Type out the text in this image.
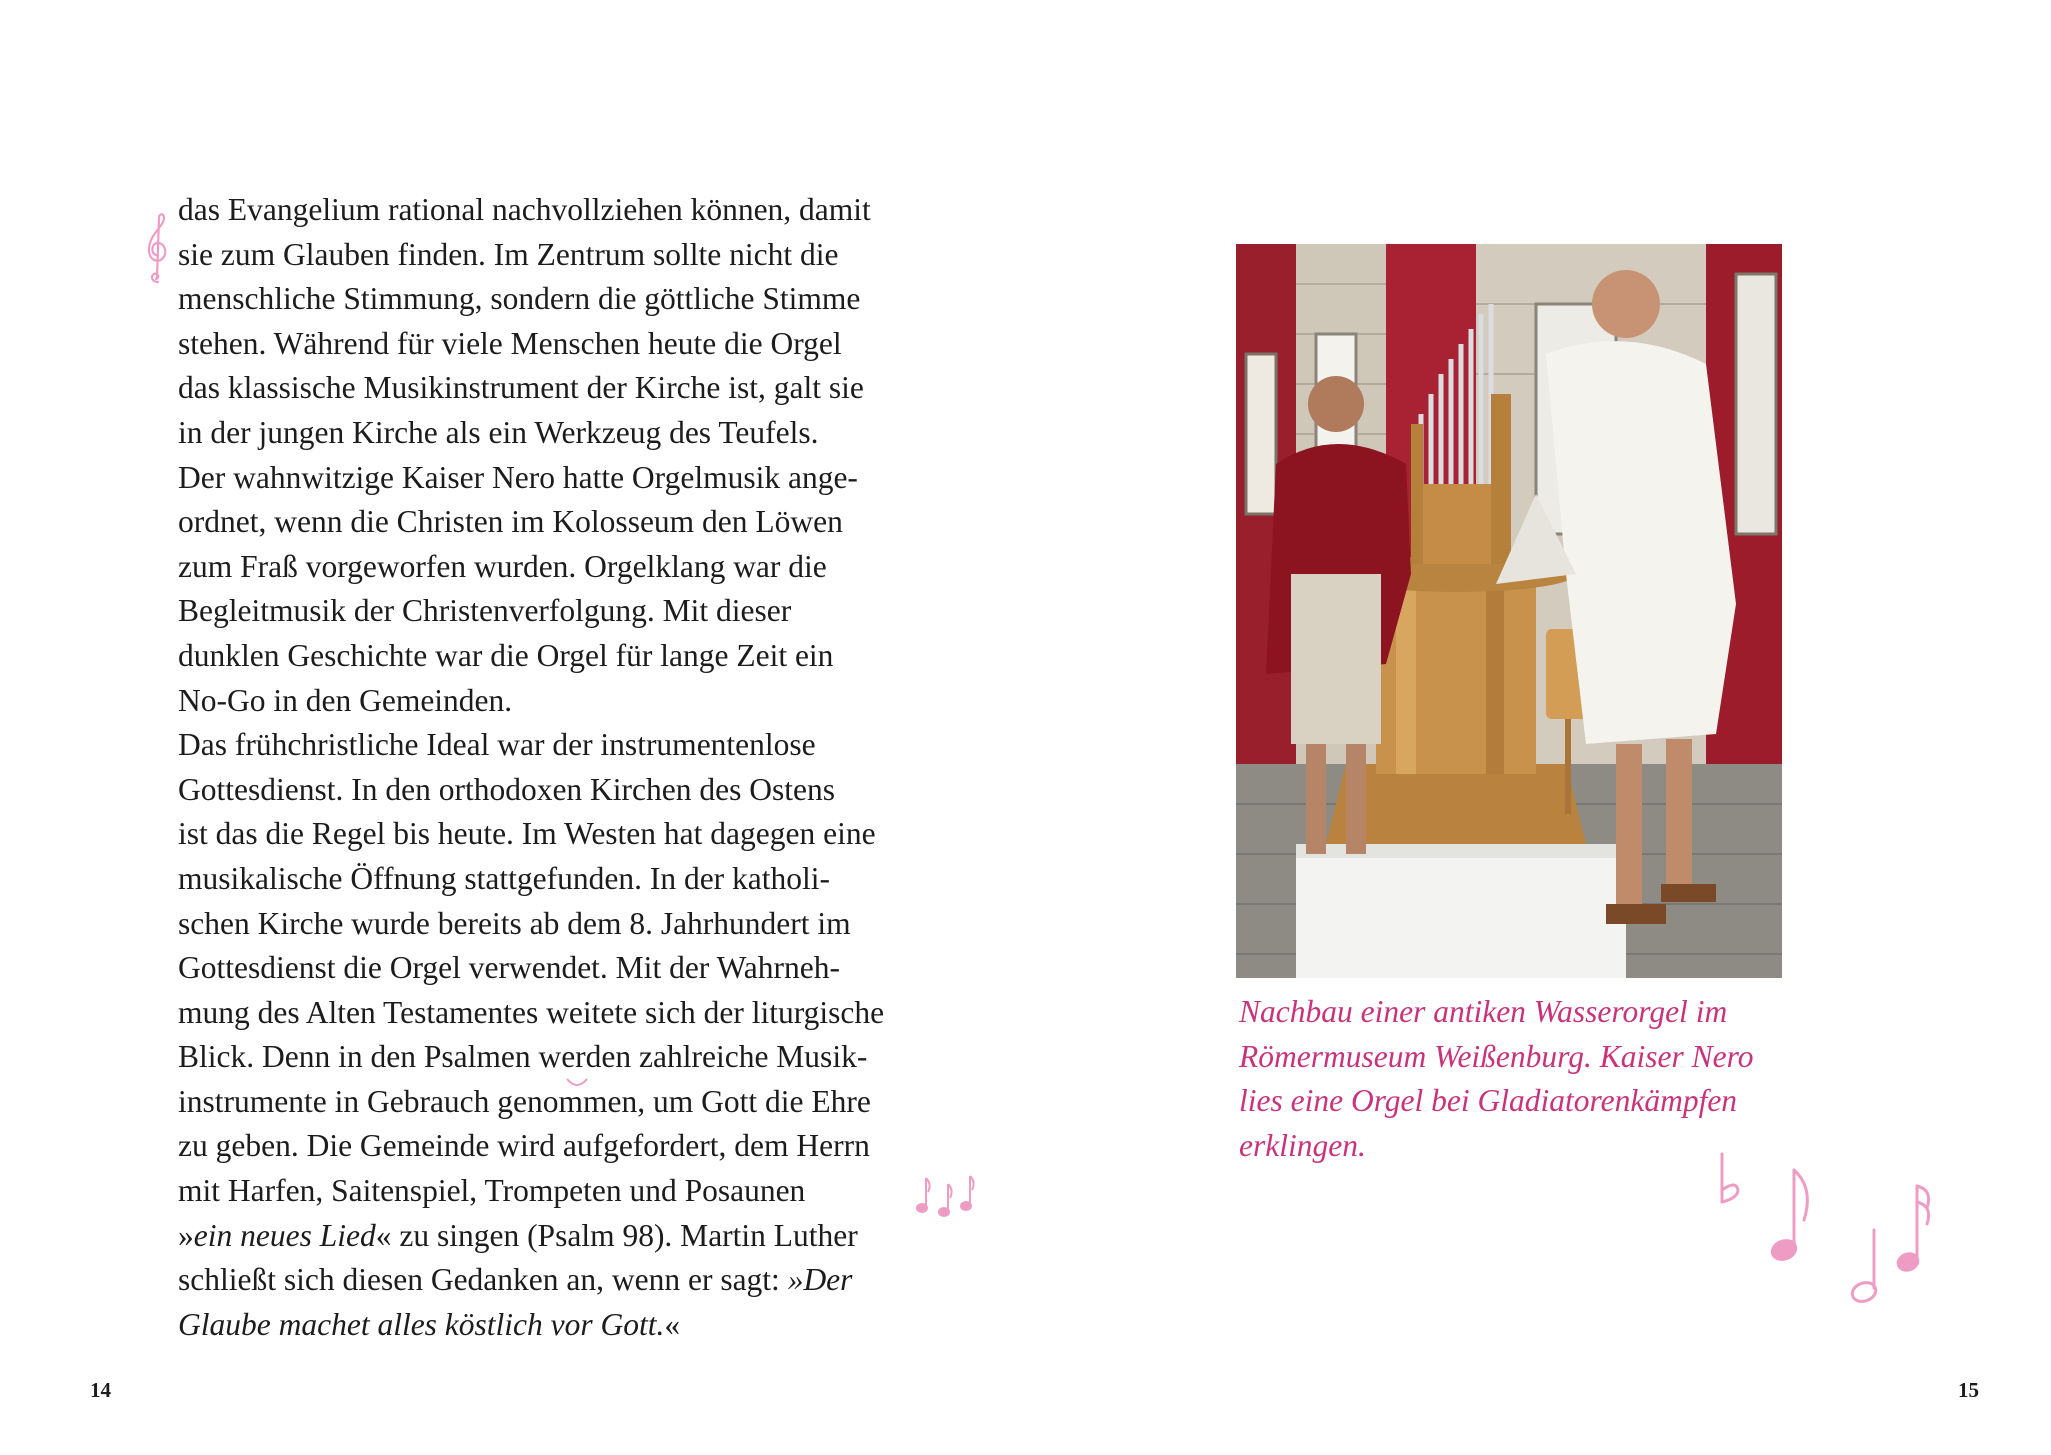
das Evangelium rational nachvollziehen können, damit
sie zum Glauben finden. Im Zentrum sollte nicht die
menschliche Stimmung, sondern die göttliche Stimme
stehen. Während für viele Menschen heute die Orgel
das klassische Musikinstrument der Kirche ist, galt sie
in der jungen Kirche als ein Werkzeug des Teufels.
Der wahnwitzige Kaiser Nero hatte Orgelmusik ange-
ordnet, wenn die Christen im Kolosseum den Löwen
zum Fraß vorgeworfen wurden. Orgelklang war die
Begleitmusik der Christenverfolgung. Mit dieser
dunklen Geschichte war die Orgel für lange Zeit ein
No-Go in den Gemeinden.
Das frühchristliche Ideal war der instrumentenlose
Gottesdienst. In den orthodoxen Kirchen des Ostens
ist das die Regel bis heute. Im Westen hat dagegen eine
musikalische Öffnung stattgefunden. In der katholi-
schen Kirche wurde bereits ab dem 8. Jahrhundert im
Gottesdienst die Orgel verwendet. Mit der Wahrneh-
mung des Alten Testamentes weitete sich der liturgische
Blick. Denn in den Psalmen werden zahlreiche Musik-
instrumente in Gebrauch genommen, um Gott die Ehre
zu geben. Die Gemeinde wird aufgefordert, dem Herrn
mit Harfen, Saitenspiel, Trompeten und Posaunen
»ein neues Lied« zu singen (Psalm 98). Martin Luther
schließt sich diesen Gedanken an, wenn er sagt: »Der
Glaube machet alles köstlich vor Gott.«
14
Nachbau einer antiken Wasserorgel im
Römermuseum Weißenburg. Kaiser Nero
lies eine Orgel bei Gladiatorenkämpfen
erklingen.
15
